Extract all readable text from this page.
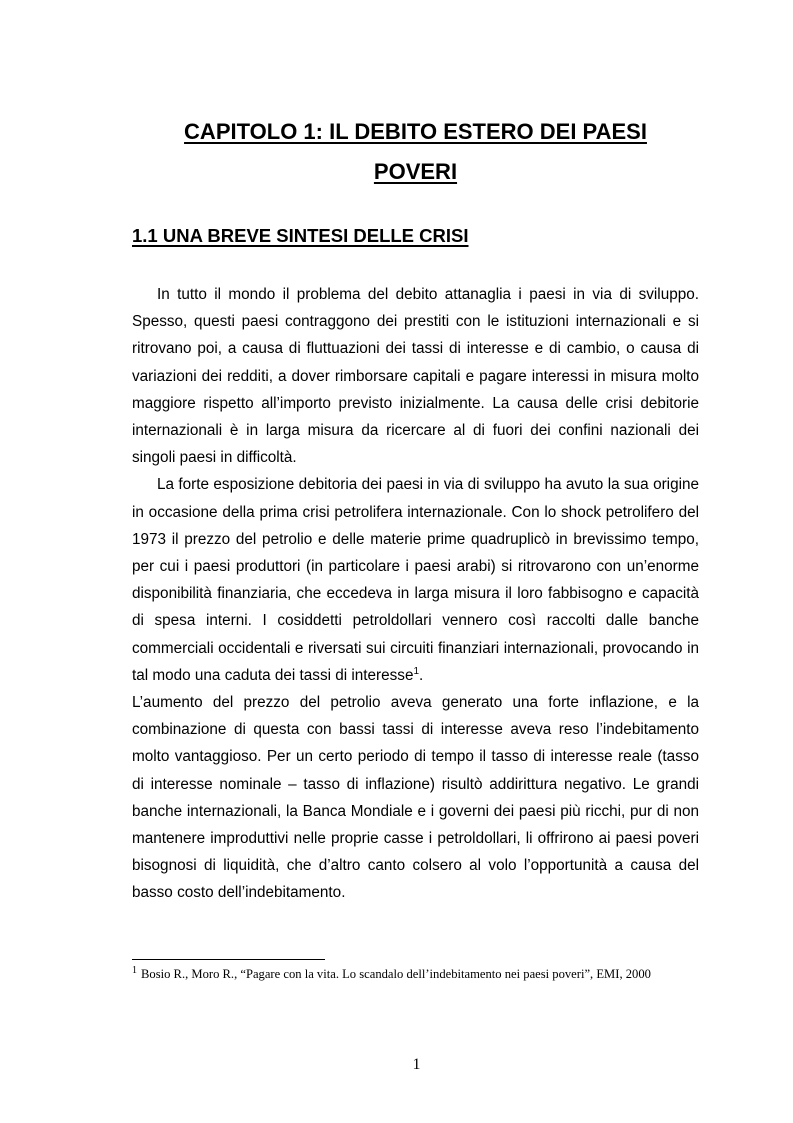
CAPITOLO 1: IL DEBITO ESTERO DEI PAESI
POVERI
1.1 UNA BREVE SINTESI DELLE CRISI

In tutto il mondo il problema del debito attanaglia i paesi in via di sviluppo. Spesso, questi paesi contraggono dei prestiti con le istituzioni internazionali e si ritrovano poi, a causa di fluttuazioni dei tassi di interesse e di cambio, o causa di variazioni dei redditi, a dover rimborsare capitali e pagare interessi in misura molto maggiore rispetto all’importo previsto inizialmente. La causa delle crisi debitorie internazionali è in larga misura da ricercare al di fuori dei confini nazionali dei singoli paesi in difficoltà.

La forte esposizione debitoria dei paesi in via di sviluppo ha avuto la sua origine in occasione della prima crisi petrolifera internazionale. Con lo shock petrolifero del 1973 il prezzo del petrolio e delle materie prime quadruplicò in brevissimo tempo, per cui i paesi produttori (in particolare i paesi arabi) si ritrovarono con un’enorme disponibilità finanziaria, che eccedeva in larga misura il loro fabbisogno e capacità di spesa interni. I cosiddetti petroldollari vennero così raccolti dalle banche commerciali occidentali e riversati sui circuiti finanziari internazionali, provocando in tal modo una caduta dei tassi di interesse$^1$.

L’aumento del prezzo del petrolio aveva generato una forte inflazione, e la combinazione di questa con bassi tassi di interesse aveva reso l’indebitamento molto vantaggioso. Per un certo periodo di tempo il tasso di interesse reale (tasso di interesse nominale – tasso di inflazione) risultò addirittura negativo. Le grandi banche internazionali, la Banca Mondiale e i governi dei paesi più ricchi, pur di non mantenere improduttivi nelle proprie casse i petroldollari, li offrirono ai paesi poveri bisognosi di liquidità, che d’altro canto colsero al volo l’opportunità a causa del basso costo dell’indebitamento.

$^1$ Bosio R., Moro R., “Pagare con la vita. Lo scandalo dell’indebitamento nei paesi poveri”, EMI, 2000
1
